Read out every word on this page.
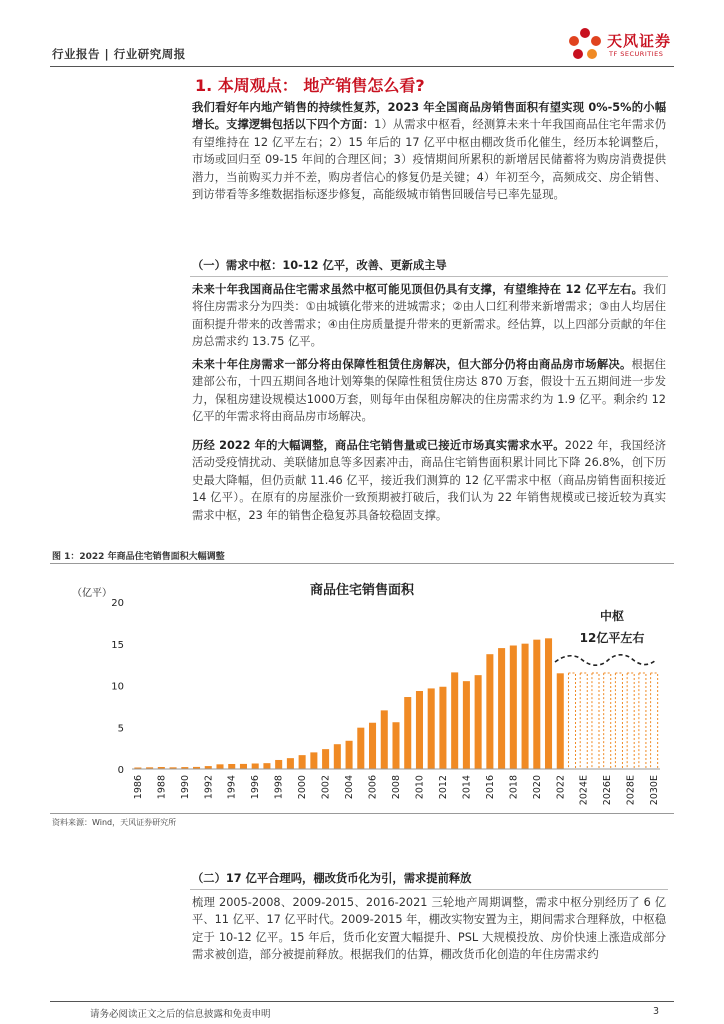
行业报告 | 行业研究周报
天风证券
TF SECURITIES
1. 本周观点： 地产销售怎么看?
我们看好年内地产销售的持续性复苏，2023 年全国商品房销售面积有望实现 0%-5%的小幅增长。支撑逻辑包括以下四个方面：1）从需求中枢看，经测算未来十年我国商品住宅年需求仍有望维持在 12 亿平左右；2）15 年后的 17 亿平中枢由棚改货币化催生，经历本轮调整后，市场或回归至 09-15 年间的合理区间；3）疫情期间所累积的新增居民储蓄将为购房消费提供潜力，当前购买力并不差，购房者信心的修复仍是关键；4）年初至今，高频成交、房企销售、到访带看等多维数据指标逐步修复，高能级城市销售回暖信号已率先显现。
（一）需求中枢：10-12 亿平，改善、更新成主导
未来十年我国商品住宅需求虽然中枢可能见顶但仍具有支撑，有望维持在 12 亿平左右。我们将住房需求分为四类：①由城镇化带来的进城需求；②由人口红利带来新增需求；③由人均居住面积提升带来的改善需求；④由住房质量提升带来的更新需求。经估算，以上四部分贡献的年住房总需求约 13.75 亿平。
未来十年住房需求一部分将由保障性租赁住房解决，但大部分仍将由商品房市场解决。根据住建部公布，十四五期间各地计划筹集的保障性租赁住房达 870 万套，假设十五五期间进一步发力，保租房建设规模达1000万套，则每年由保租房解决的住房需求约为 1.9 亿平。剩余约 12 亿平的年需求将由商品房市场解决。
历经 2022 年的大幅调整，商品住宅销售量或已接近市场真实需求水平。2022 年，我国经济活动受疫情扰动、美联储加息等多因素冲击，商品住宅销售面积累计同比下降 26.8%，创下历史最大降幅，但仍贡献 11.46 亿平，接近我们测算的 12 亿平需求中枢（商品房销售面积接近 14 亿平）。在原有的房屋涨价一致预期被打破后，我们认为 22 年销售规模或已接近较为真实需求中枢，23 年的销售企稳复苏具备较稳固支撑。
图 1：2022 年商品住宅销售面积大幅调整
（亿平）	商品住宅销售面积
0
5
10
15
20
1986 1988 1990 1992 1994 1996 1998 2000 2002 2004 2006 2008 2010 2012 2014 2016 2018 2020 2022 2024E 2026E 2028E 2030E
中枢
12亿平左右
资料来源：Wind，天风证券研究所
（二）17 亿平合理吗，棚改货币化为引，需求提前释放
梳理 2005-2008、2009-2015、2016-2021 三轮地产周期调整，需求中枢分别经历了 6 亿平、11 亿平、17 亿平时代。2009-2015 年，棚改实物安置为主，期间需求合理释放，中枢稳定于 10-12 亿平。15 年后，货币化安置大幅提升、PSL 大规模投放、房价快速上涨造成部分需求被创造，部分被提前释放。根据我们的估算，棚改货币化创造的年住房需求约
请务必阅读正文之后的信息披露和免责申明	3
